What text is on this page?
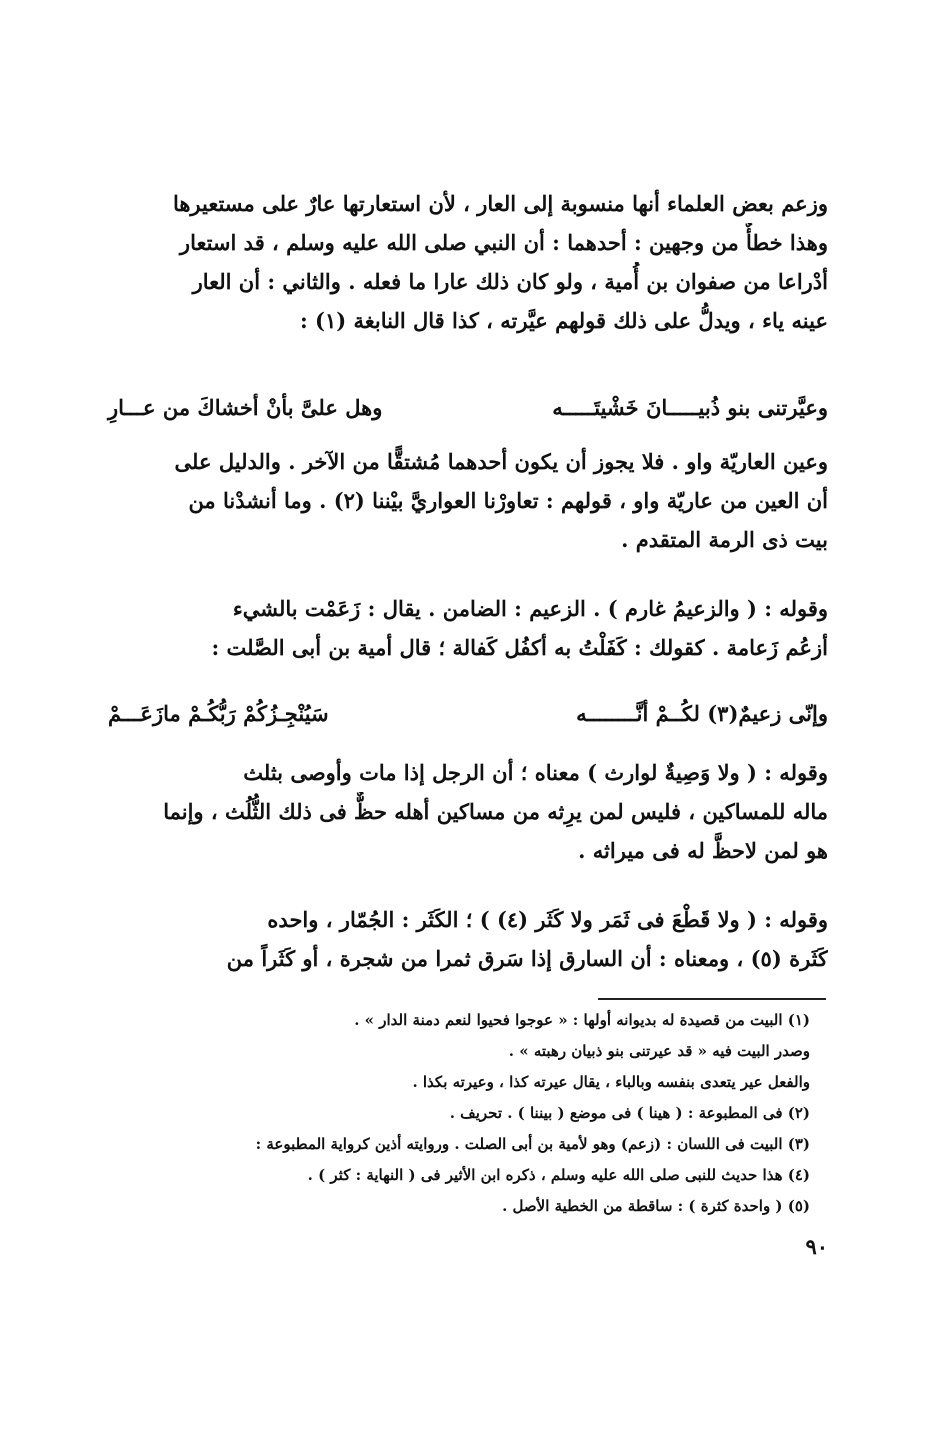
وزعم بعض العلماء أنها منسوبة إلى العار ، لأن استعارتها عارٌ على مستعيرها
وهذا خطأٌ من وجهين : أحدهما : أن النبي صلى الله عليه وسلم ، قد استعار
أدْراعا من صفوان بن أُمية ، ولو كان ذلك عارا ما فعله . والثاني : أن العار
عينه ياء ، ويدلُّ على ذلك قولهم عيَّرته ، كذا قال النابغة (١) :
وعيَّرتنى بنو ذُبيـــــانَ خَشْيتَـــــه
وهل علىَّ بأنْ أخشاكَ من عـــارِ
وعين العاريّة واو . فلا يجوز أن يكون أحدهما مُشتقًّا من الآخر . والدليل على
أن العين من عاريّة واو ، قولهم : تعاورْنا العواريَّ بيْننا (٢) . وما أنشدْنا من
بيت ذى الرمة المتقدم .
وقوله : ( والزعيمُ غارم ) . الزعيم : الضامن . يقال : زَعَمْت بالشيء
أزعُم زَعامة . كقولك : كَفَلْتُ به أكفُل كَفالة ؛ قال أمية بن أبى الصَّلت :
وإنّى زعيمٌ(٣) لكُــمْ أنَّــــــــه
سَيُنْجِـزُكُمْ رَبُّكُـمْ مازَعَـــمْ
وقوله : ( ولا وَصِيةٌ لوارث ) معناه ؛ أن الرجل إذا مات وأوصى بثلث
ماله للمساكين ، فليس لمن يرِثه من مساكين أهله حظٌّ فى ذلك الثُّلُث ، وإنما
هو لمن لاحظَّ له فى ميراثه .
وقوله : ( ولا قَطْعَ فى ثَمَر ولا كَثَر (٤) ) ؛ الكَثَر : الجُمّار ، واحده
كَثَرة (٥) ، ومعناه : أن السارق إذا سَرق ثمرا من شجرة ، أو كَثَراً من
(١) البيت من قصيدة له بديوانه أولها : « عوجوا فحيوا لنعم دمنة الدار » .
وصدر البيت فيه « قد عيرتنى بنو ذبيان رهبته » .
والفعل عير يتعدى بنفسه وبالباء ، يقال عيرته كذا ، وعيرته بكذا .
(٢) فى المطبوعة : ( هينا ) فى موضع ( بيننا ) . تحريف .
(٣) البيت فى اللسان : (زعم) وهو لأمية بن أبى الصلت . وروايته أذين كرواية المطبوعة :
(٤) هذا حديث للنبى صلى الله عليه وسلم ، ذكره ابن الأثير فى ( النهاية : كثر ) .
(٥) ( واحدة كثرة ) : ساقطة من الخطية الأصل .
٩٠
